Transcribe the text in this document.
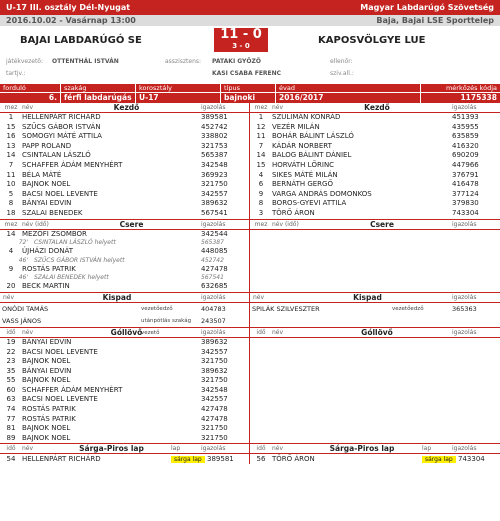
U-17 III. osztály Dél-Nyugat	Magyar Labdarúgó Szövetség
2016.10.02 - Vasárnap 13:00	Baja, Bajai LSE Sporttelep
BAJAI LABDARÚGÓ SE	11 - 0
3 - 0	KAPOSVÖLGYE LUE
játékvezető: OTTENTHÁL ISTVÁN	asszisztens: PATAKI GYŐZŐ
KASI CSABA FERENC
ellenőr:
tartjv.:	sziv.all.:
forduló	szakág	korosztály	típus	évad	mérkőzés kódja
6. férfi labdarúgás U-17	bajnoki	2016/2017	1175338
mez név	Kezdő	igazolás
1	HELLENPÁRT RICHÁRD	389581
15 SZŰCS GÁBOR ISTVÁN	452742
16 SOMOGYI MÁTÉ ATTILA	338802
13 PAPP ROLAND	321753
14 CSINTALAN LÁSZLÓ	565387
7	SCHAFFER ÁDÁM MENYHÉRT	342548
11 BÉLA MÁTÉ	369923
10 BAJNOK NOEL	321750
5	BACSI NOEL LEVENTE	342557
8	BÁNYAI EDVIN	389632
18 SZALAI BENEDEK	567541
mez név	Kezdő	igazolás
1	SZULIMÁN KONRÁD	451393
12 VEZÉR MILÁN	435955
11 BOHÁR BÁLINT LÁSZLÓ	635859
7	KÁDÁR NORBERT	416320
14 BALOG BÁLINT DÁNIEL	690209
15 HORVÁTH LŐRINC	447966
4	SIKES MÁTÉ MILÁN	376791
6	BERNÁTH GERGŐ	416478
9	VARGA ANDRÁS DOMONKOS	377124
8	BOROS-GYEVI ATTILA	379830
3	TÖRŐ ÁRON	743304
mez név (idő)	Csere	igazolás
14 MEZŐFI ZSOMBOR	342544
72'	CSINTALAN LÁSZLÓ helyett	565387
4	ÚJHÁZI DONÁT	448085
46'	SZŰCS GÁBOR ISTVÁN helyett	452742
9	ROSTÁS PATRIK	427478
46'	SZALAI BENEDEK helyett	567541
20 BECK MARTIN	632685
mez név (idő)	Csere	igazolás
név	Kispad	igazolás
ONÓDI TAMÁS	vezetőedző	404783
VASS JÁNOS	utánpótlás szakág vezető
243507
név	Kispad	igazolás
SPILÁK SZILVESZTER	vezetőedző	365363
idő	név	Góllövő	igazolás
19 BÁNYAI EDVIN	389632
22 BACSI NOEL LEVENTE	342557
23 BAJNOK NOEL	321750
35 BÁNYAI EDVIN	389632
55 BAJNOK NOEL	321750
60 SCHAFFER ÁDÁM MENYHÉRT	342548
63 BACSI NOEL LEVENTE	342557
74 ROSTÁS PATRIK	427478
77 ROSTÁS PATRIK	427478
81 BAJNOK NOEL	321750
89 BAJNOK NOEL	321750
idő	név	Góllövő	igazolás
idő	név	Sárga-Piros lap	lap	igazolás
54 HELLENPÁRT RICHÁRD	sárga lap 389581
idő	név	Sárga-Piros lap	lap	igazolás
56 TÖRŐ ÁRON	sárga lap 743304
